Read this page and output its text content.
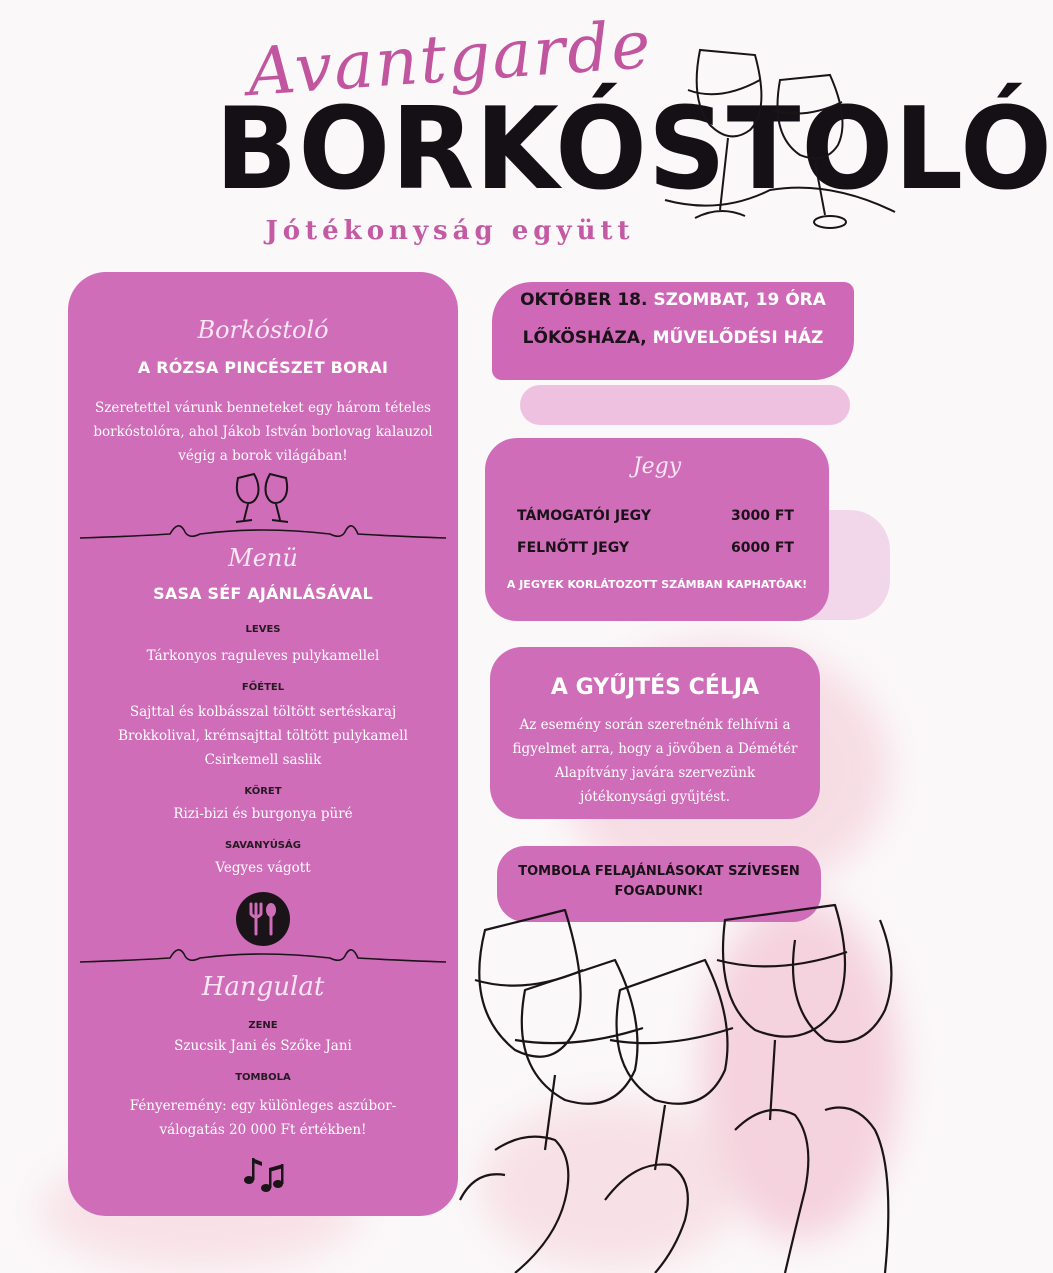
Avantgarde
BORKÓSTOLÓ
Jótékonyság együtt
Borkóstoló
A RÓZSA PINCÉSZET BORAI
Szeretettel várunk benneteket egy három tételes borkóstolóra, ahol Jákob István borlovag kalauzol végig a borok világában!
Menü
SASA SÉF AJÁNLÁSÁVAL
LEVES
Tárkonyos raguleves pulykamellel
FŐÉTEL
Sajttal és kolbásszal töltött sertéskaraj Brokkolival, krémsajttal töltött pulykamell Csirkemell saslik
KÖRET
Rizi-bizi és burgonya püré
SAVANYÚSÁG
Vegyes vágott
Hangulat
ZENE
Szucsik Jani és Szőke Jani
TOMBOLA
Fényeremény: egy különleges aszúbor-válogatás 20 000 Ft értékben!
OKTÓBER 18. SZOMBAT, 19 ÓRA
LŐKÖSHÁZA, MŰVELŐDÉSI HÁZ
Jegy
TÁMOGATÓI JEGY	3000 FT
FELNŐTT JEGY	6000 FT
A JEGYEK KORLÁTOZOTT SZÁMBAN KAPHATÓAK!
A GYŰJTÉS CÉLJA
Az esemény során szeretnénk felhívni a figyelmet arra, hogy a jövőben a Démétér Alapítvány javára szervezünk jótékonysági gyűjtést.
TOMBOLA FELAJÁNLÁSOKAT SZÍVESEN FOGADUNK!
